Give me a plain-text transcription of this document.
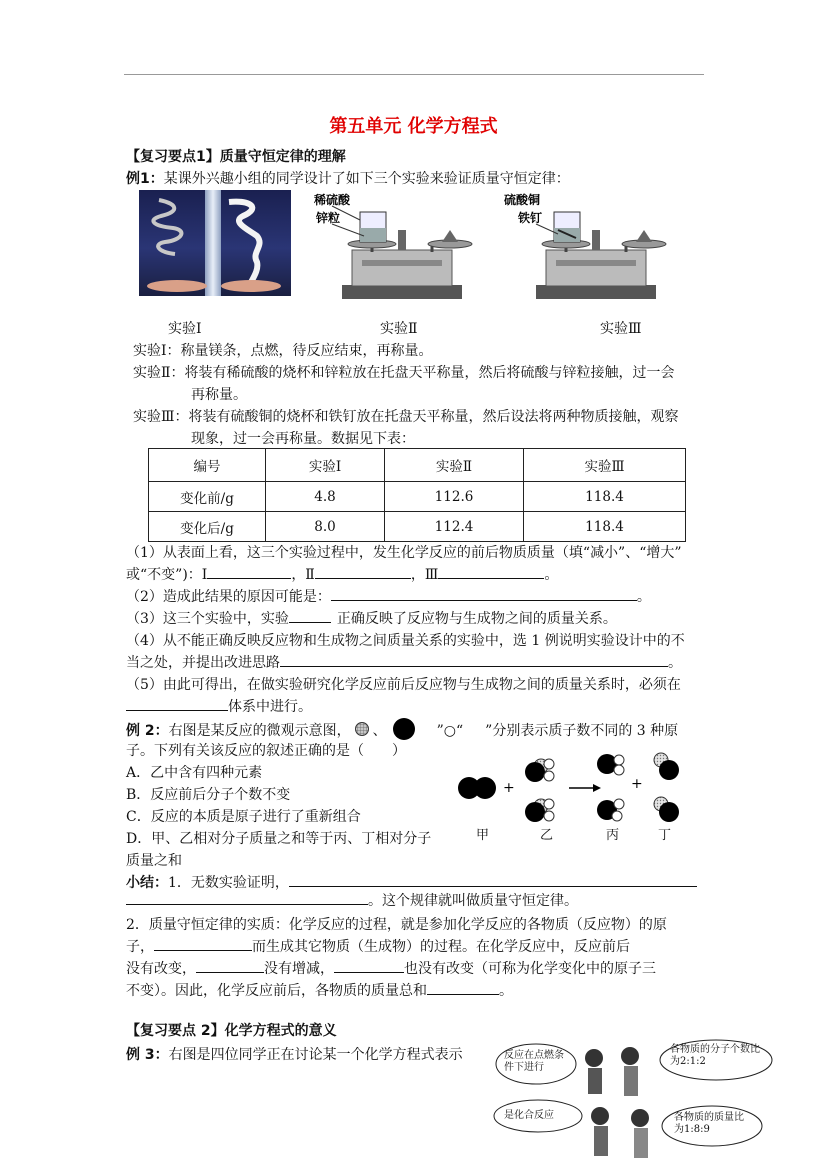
第五单元 化学方程式
【复习要点1】质量守恒定律的理解
例1：某课外兴趣小组的同学设计了如下三个实验来验证质量守恒定律：
稀硫酸
锌粒
硫酸铜
铁钉
实验Ⅰ	实验Ⅱ	实验Ⅲ
实验Ⅰ：称量镁条，点燃，待反应结束，再称量。
实验Ⅱ：将装有稀硫酸的烧杯和锌粒放在托盘天平称量，然后将硫酸与锌粒接触，过一会
再称量。
实验Ⅲ：将装有硫酸铜的烧杯和铁钉放在托盘天平称量，然后设法将两种物质接触，观察
现象，过一会再称量。数据见下表：
编号	实验Ⅰ	实验Ⅱ	实验Ⅲ
变化前/g	4.8	112.6	118.4
变化后/g	8.0	112.4	118.4
（1）从表面上看，这三个实验过程中，发生化学反应的前后物质质量（填“减小”、“增大”
或“不变”)：Ⅰ	，Ⅱ	，Ⅲ	。
（2）造成此结果的原因可能是：	。
（3）这三个实验中，实验	正确反映了反应物与生成物之间的质量关系。
（4）从不能正确反映反应物和生成物之间质量关系的实验中，选 1 例说明实验设计中的不
当之处，并提出改进思路	。
（5）由此可得出，在做实验研究化学反应前后反应物与生成物之间的质量关系时，必须在
体系中进行。
例 2：右图是某反应的微观示意图， 、	”○“ ”分别表示质子数不同的 3 种原
子。下列有关该反应的叙述正确的是（　　）
A．乙中含有四种元素
B．反应前后分子个数不变
C．反应的本质是原子进行了重新组合
D．甲、乙相对分子质量之和等于丙、丁相对分子
质量之和
+	+
甲	乙	丙	丁
小结：1．无数实验证明，
。这个规律就叫做质量守恒定律。
2．质量守恒定律的实质：化学反应的过程，就是参加化学反应的各物质（反应物）的原
子，	而生成其它物质（生成物）的过程。在化学反应中，反应前后
没有改变，	没有增减，	也没有改变（可称为化学变化中的原子三
不变）。因此，化学反应前后，各物质的质量总和	。
【复习要点 2】化学方程式的意义
例 3：右图是四位同学正在讨论某一个化学方程式表示	反应在点燃条件下进行
各物质的分子个数比为2:1:2
是化合反应	各物质的质量比为1:8:9
